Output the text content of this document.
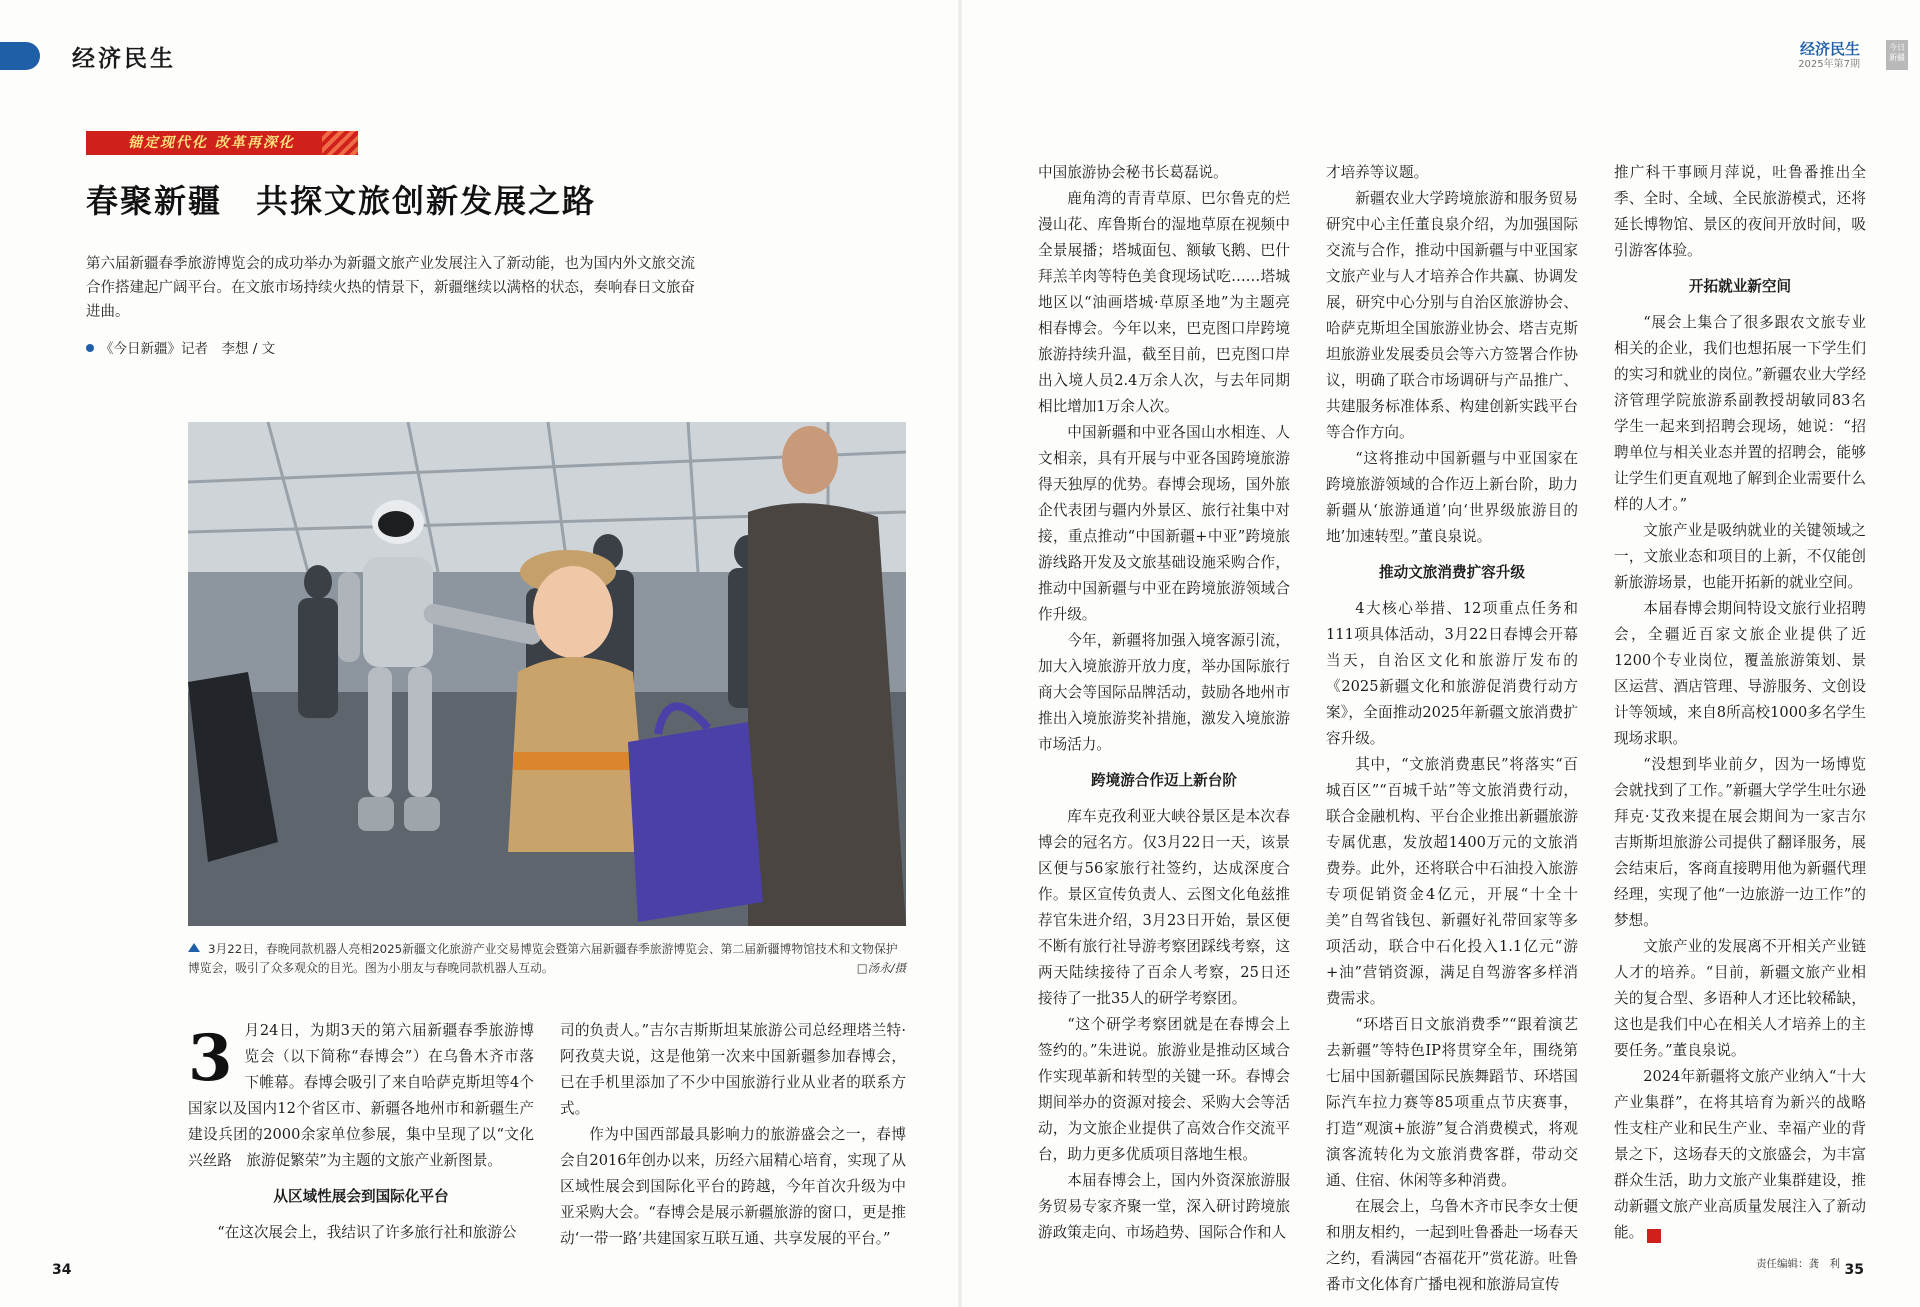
经济民生
锚定现代化 改革再深化
春聚新疆　共探文旅创新发展之路
第六届新疆春季旅游博览会的成功举办为新疆文旅产业发展注入了新动能，也为国内外文旅交流合作搭建起广阔平台。在文旅市场持续火热的情景下，新疆继续以满格的状态，奏响春日文旅奋进曲。
《今日新疆》记者　李想 / 文
3月22日，春晚同款机器人亮相2025新疆文化旅游产业交易博览会暨第六届新疆春季旅游博览会、第二届新疆博物馆技术和文物保护博览会，吸引了众多观众的目光。图为小朋友与春晚同款机器人互动。	□汤永/摄
3 月24日，为期3天的第六届新疆春季旅游博览会（以下简称“春博会”）在乌鲁木齐市落下帷幕。春博会吸引了来自哈萨克斯坦等4个国家以及国内12个省区市、新疆各地州市和新疆生产建设兵团的2000余家单位参展，集中呈现了以“文化兴丝路　旅游促繁荣”为主题的文旅产业新图景。

从区域性展会到国际化平台

“在这次展会上，我结识了许多旅行社和旅游公

司的负责人。”吉尔吉斯斯坦某旅游公司总经理塔兰特·阿孜莫夫说，这是他第一次来中国新疆参加春博会，已在手机里添加了不少中国旅游行业从业者的联系方式。

作为中国西部最具影响力的旅游盛会之一，春博会自2016年创办以来，历经六届精心培育，实现了从区域性展会到国际化平台的跨越，今年首次升级为中亚采购大会。“春博会是展示新疆旅游的窗口，更是推动‘一带一路’共建国家互联互通、共享发展的平台。”

34
经济民生
2025年第7期
今日新疆

中国旅游协会秘书长葛磊说。

鹿角湾的青青草原、巴尔鲁克的烂漫山花、库鲁斯台的湿地草原在视频中全景展播；塔城面包、额敏飞鹅、巴什拜羔羊肉等特色美食现场试吃……塔城地区以“油画塔城·草原圣地”为主题亮相春博会。今年以来，巴克图口岸跨境旅游持续升温，截至目前，巴克图口岸出入境人员2.4万余人次，与去年同期相比增加1万余人次。

中国新疆和中亚各国山水相连、人文相亲，具有开展与中亚各国跨境旅游得天独厚的优势。春博会现场，国外旅企代表团与疆内外景区、旅行社集中对接，重点推动“中国新疆+中亚”跨境旅游线路开发及文旅基础设施采购合作，推动中国新疆与中亚在跨境旅游领域合作升级。

今年，新疆将加强入境客源引流，加大入境旅游开放力度，举办国际旅行商大会等国际品牌活动，鼓励各地州市推出入境旅游奖补措施，激发入境旅游市场活力。

跨境游合作迈上新台阶

库车克孜利亚大峡谷景区是本次春博会的冠名方。仅3月22日一天，该景区便与56家旅行社签约，达成深度合作。景区宣传负责人、云图文化龟兹推荐官朱进介绍，3月23日开始，景区便不断有旅行社导游考察团踩线考察，这两天陆续接待了百余人考察，25日还接待了一批35人的研学考察团。

“这个研学考察团就是在春博会上签约的。”朱进说。旅游业是推动区域合作实现革新和转型的关键一环。春博会期间举办的资源对接会、采购大会等活动，为文旅企业提供了高效合作交流平台，助力更多优质项目落地生根。

本届春博会上，国内外资深旅游服务贸易专家齐聚一堂，深入研讨跨境旅游政策走向、市场趋势、国际合作和人

才培养等议题。

新疆农业大学跨境旅游和服务贸易研究中心主任董良泉介绍，为加强国际交流与合作，推动中国新疆与中亚国家文旅产业与人才培养合作共赢、协调发展，研究中心分别与自治区旅游协会、哈萨克斯坦全国旅游业协会、塔吉克斯坦旅游业发展委员会等六方签署合作协议，明确了联合市场调研与产品推广、共建服务标准体系、构建创新实践平台等合作方向。

“这将推动中国新疆与中亚国家在跨境旅游领域的合作迈上新台阶，助力新疆从‘旅游通道’向‘世界级旅游目的地’加速转型。”董良泉说。

推动文旅消费扩容升级

4大核心举措、12项重点任务和111项具体活动，3月22日春博会开幕当天，自治区文化和旅游厅发布的《2025新疆文化和旅游促消费行动方案》，全面推动2025年新疆文旅消费扩容升级。

其中，“文旅消费惠民”将落实“百城百区”“百城千站”等文旅消费行动，联合金融机构、平台企业推出新疆旅游专属优惠，发放超1400万元的文旅消费券。此外，还将联合中石油投入旅游专项促销资金4亿元，开展“十全十美”自驾省钱包、新疆好礼带回家等多项活动，联合中石化投入1.1亿元“游+油”营销资源，满足自驾游客多样消费需求。

“环塔百日文旅消费季”“跟着演艺去新疆”等特色IP将贯穿全年，围绕第七届中国新疆国际民族舞蹈节、环塔国际汽车拉力赛等85项重点节庆赛事，打造“观演+旅游”复合消费模式，将观演客流转化为文旅消费客群，带动交通、住宿、休闲等多种消费。

在展会上，乌鲁木齐市民李女士便和朋友相约，一起到吐鲁番赴一场春天之约，看满园“杏福花开”赏花游。吐鲁番市文化体育广播电视和旅游局宣传

推广科干事顾月萍说，吐鲁番推出全季、全时、全域、全民旅游模式，还将延长博物馆、景区的夜间开放时间，吸引游客体验。

开拓就业新空间

“展会上集合了很多跟农文旅专业相关的企业，我们也想拓展一下学生们的实习和就业的岗位。”新疆农业大学经济管理学院旅游系副教授胡敏同83名学生一起来到招聘会现场，她说：“招聘单位与相关业态并置的招聘会，能够让学生们更直观地了解到企业需要什么样的人才。”

文旅产业是吸纳就业的关键领域之一，文旅业态和项目的上新，不仅能创新旅游场景，也能开拓新的就业空间。

本届春博会期间特设文旅行业招聘会，全疆近百家文旅企业提供了近1200个专业岗位，覆盖旅游策划、景区运营、酒店管理、导游服务、文创设计等领域，来自8所高校1000多名学生现场求职。

“没想到毕业前夕，因为一场博览会就找到了工作。”新疆大学学生吐尔逊拜克·艾孜来提在展会期间为一家吉尔吉斯斯坦旅游公司提供了翻译服务，展会结束后，客商直接聘用他为新疆代理经理，实现了他“一边旅游一边工作”的梦想。

文旅产业的发展离不开相关产业链人才的培养。“目前，新疆文旅产业相关的复合型、多语种人才还比较稀缺，这也是我们中心在相关人才培养上的主要任务。”董良泉说。

2024年新疆将文旅产业纳入“十大产业集群”，在将其培育为新兴的战略性支柱产业和民生产业、幸福产业的背景之下，这场春天的文旅盛会，为丰富群众生活，助力文旅产业集群建设，推动新疆文旅产业高质量发展注入了新动能。	J

责任编辑：龚　利 35
